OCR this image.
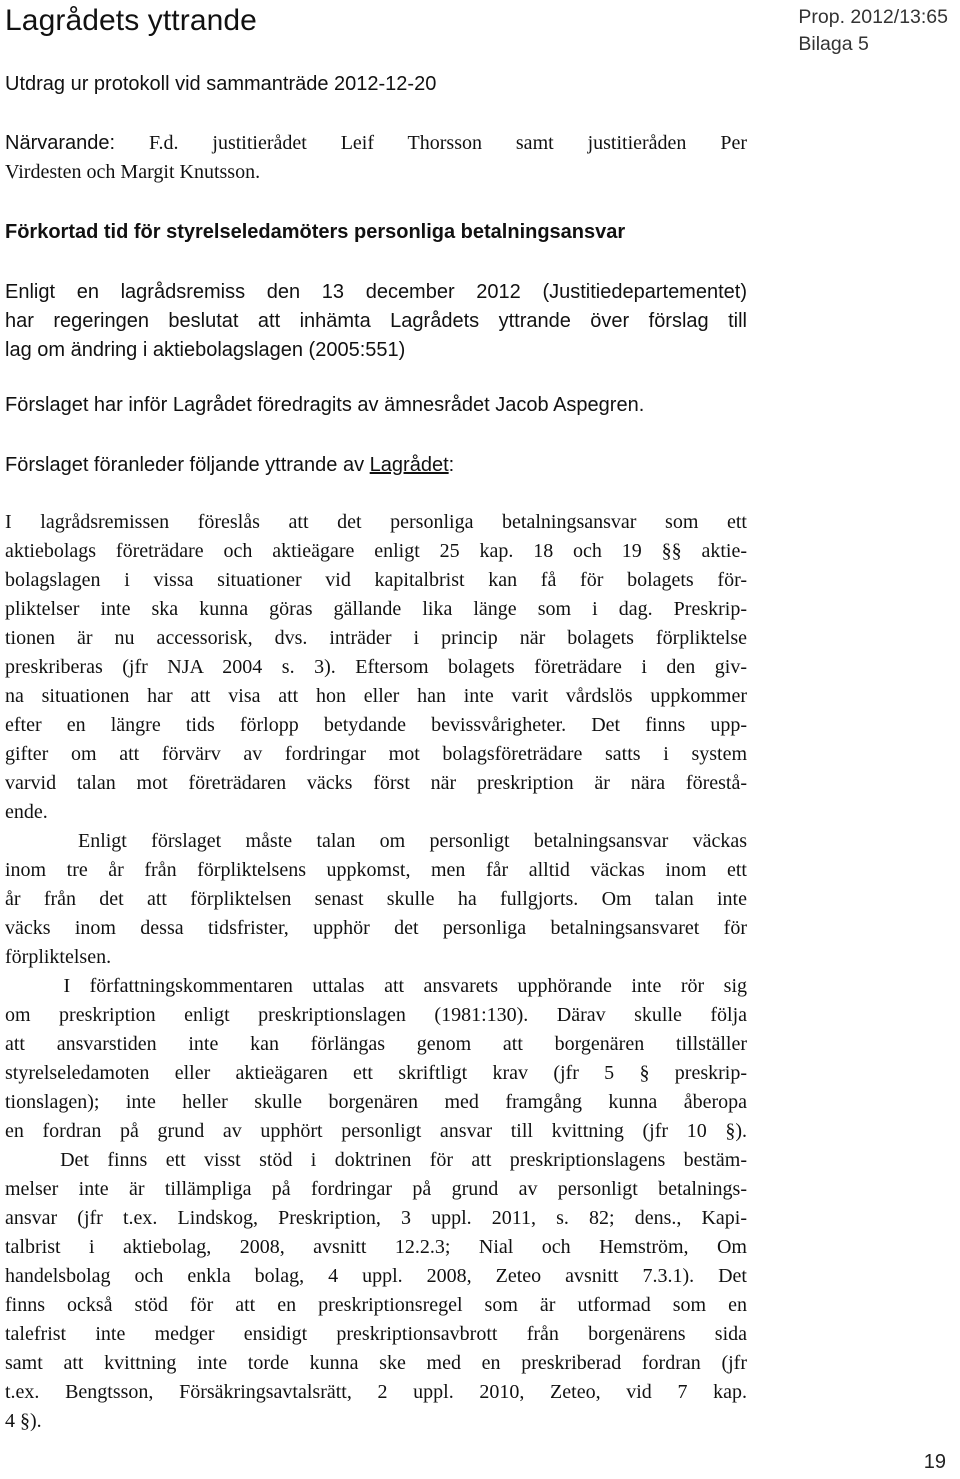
Lagrådets yttrande	Prop. 2012/13:65
Bilaga 5
Utdrag ur protokoll vid sammanträde 2012-12-20
Närvarande: F.d. justitierådet Leif Thorsson samt justitieråden Per
Virdesten och Margit Knutsson.
Förkortad tid för styrelseledamöters personliga betalningsansvar
Enligt en lagrådsremiss den 13 december 2012 (Justitiedepartementet)
har regeringen beslutat att inhämta Lagrådets yttrande över förslag till
lag om ändring i aktiebolagslagen (2005:551)
Förslaget har inför Lagrådet föredragits av ämnesrådet Jacob Aspegren.
Förslaget föranleder följande yttrande av Lagrådet:
I lagrådsremissen föreslås att det personliga betalningsansvar som ett
aktiebolags företrädare och aktieägare enligt 25 kap. 18 och 19 §§ aktie-
bolagslagen i vissa situationer vid kapitalbrist kan få för bolagets för-
pliktelser inte ska kunna göras gällande lika länge som i dag. Preskrip-
tionen är nu accessorisk, dvs. inträder i princip när bolagets förpliktelse
preskriberas (jfr NJA 2004 s. 3). Eftersom bolagets företrädare i den giv-
na situationen har att visa att hon eller han inte varit vårdslös uppkommer
efter en längre tids förlopp betydande bevissvårigheter. Det finns upp-
gifter om att förvärv av fordringar mot bolagsföreträdare satts i system
varvid talan mot företrädaren väcks först när preskription är nära förestå-
ende.
Enligt förslaget måste talan om personligt betalningsansvar väckas
inom tre år från förpliktelsens uppkomst, men får alltid väckas inom ett
år från det att förpliktelsen senast skulle ha fullgjorts. Om talan inte
väcks inom dessa tidsfrister, upphör det personliga betalningsansvaret för
förpliktelsen.
I författningskommentaren uttalas att ansvarets upphörande inte rör sig
om preskription enligt preskriptionslagen (1981:130). Därav skulle följa
att ansvarstiden inte kan förlängas genom att borgenären tillställer
styrelseledamoten eller aktieägaren ett skriftligt krav (jfr 5 § preskrip-
tionslagen); inte heller skulle borgenären med framgång kunna åberopa
en fordran på grund av upphört personligt ansvar till kvittning (jfr 10 §).
Det finns ett visst stöd i doktrinen för att preskriptionslagens bestäm-
melser inte är tillämpliga på fordringar på grund av personligt betalnings-
ansvar (jfr t.ex. Lindskog, Preskription, 3 uppl. 2011, s. 82; dens., Kapi-
talbrist i aktiebolag, 2008, avsnitt 12.2.3; Nial och Hemström, Om
handelsbolag och enkla bolag, 4 uppl. 2008, Zeteo avsnitt 7.3.1). Det
finns också stöd för att en preskriptionsregel som är utformad som en
talefrist inte medger ensidigt preskriptionsavbrott från borgenärens sida
samt att kvittning inte torde kunna ske med en preskriberad fordran (jfr
t.ex. Bengtsson, Försäkringsavtalsrätt, 2 uppl. 2010, Zeteo, vid 7 kap.
4 §).
19
